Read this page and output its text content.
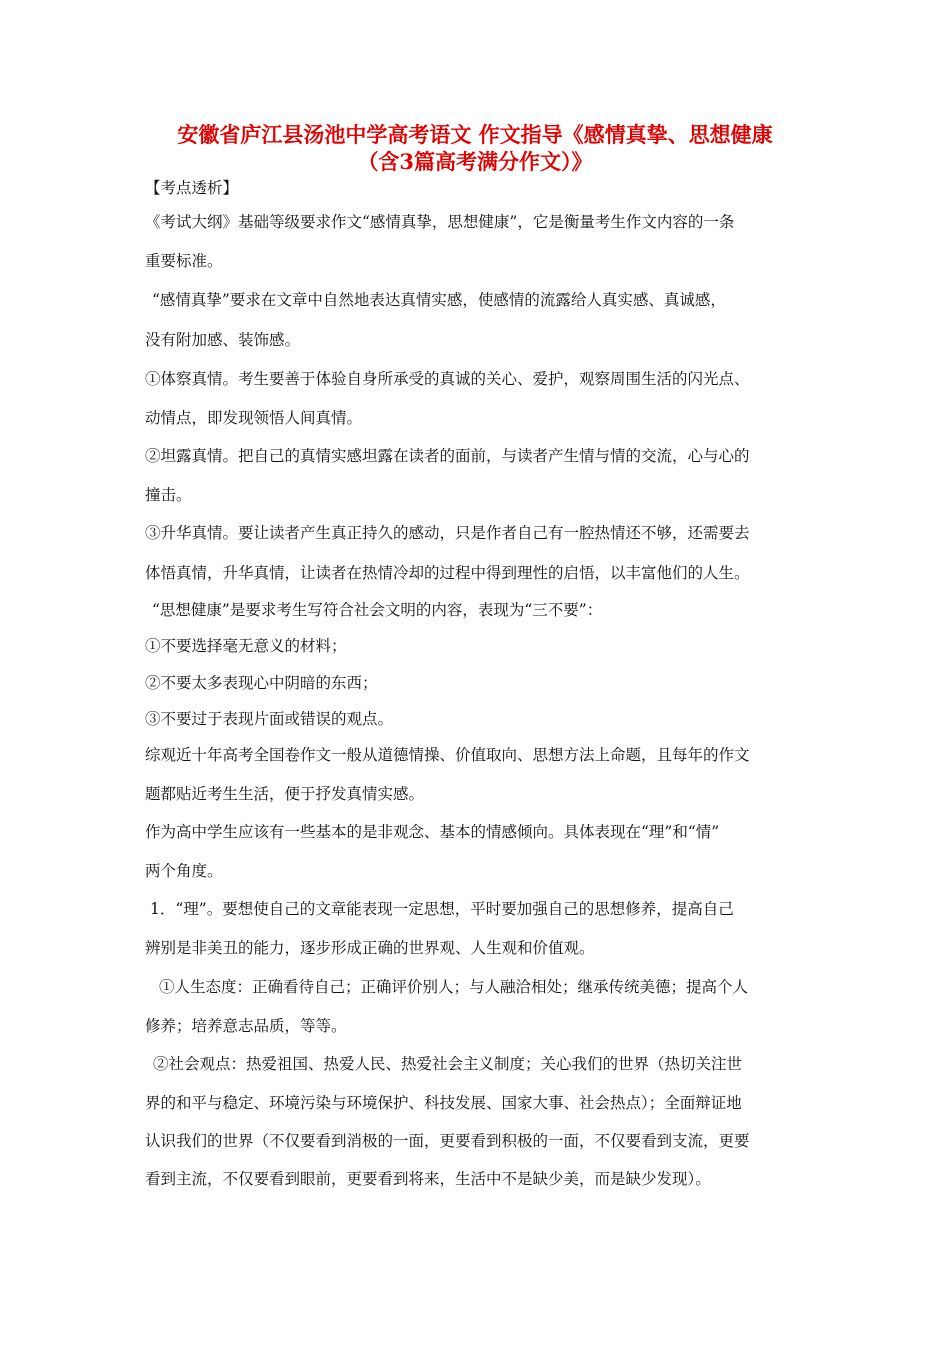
安徽省庐江县汤池中学高考语文 作文指导《感情真挚、思想健康
（含3篇高考满分作文）》
【考点透析】
《考试大纲》基础等级要求作文“感情真挚，思想健康”，它是衡量考生作文内容的一条
重要标准。
“感情真挚”要求在文章中自然地表达真情实感，使感情的流露给人真实感、真诚感，
没有附加感、装饰感。
①体察真情。考生要善于体验自身所承受的真诚的关心、爱护，观察周围生活的闪光点、
动情点，即发现领悟人间真情。
②坦露真情。把自己的真情实感坦露在读者的面前，与读者产生情与情的交流，心与心的
撞击。
③升华真情。要让读者产生真正持久的感动，只是作者自己有一腔热情还不够，还需要去
体悟真情，升华真情，让读者在热情冷却的过程中得到理性的启悟，以丰富他们的人生。
“思想健康”是要求考生写符合社会文明的内容，表现为“三不要”：
①不要选择毫无意义的材料；
②不要太多表现心中阴暗的东西；
③不要过于表现片面或错误的观点。
综观近十年高考全国卷作文一般从道德情操、价值取向、思想方法上命题，且每年的作文
题都贴近考生生活，便于抒发真情实感。
作为高中学生应该有一些基本的是非观念、基本的情感倾向。具体表现在“理”和“情”
两个角度。
1．“理”。要想使自己的文章能表现一定思想，平时要加强自己的思想修养，提高自己
辨别是非美丑的能力，逐步形成正确的世界观、人生观和价值观。
①人生态度：正确看待自己；正确评价别人；与人融洽相处；继承传统美德；提高个人
修养；培养意志品质，等等。
②社会观点：热爱祖国、热爱人民、热爱社会主义制度；关心我们的世界（热切关注世
界的和平与稳定、环境污染与环境保护、科技发展、国家大事、社会热点）；全面辩证地
认识我们的世界（不仅要看到消极的一面，更要看到积极的一面，不仅要看到支流，更要
看到主流，不仅要看到眼前，更要看到将来，生活中不是缺少美，而是缺少发现）。
